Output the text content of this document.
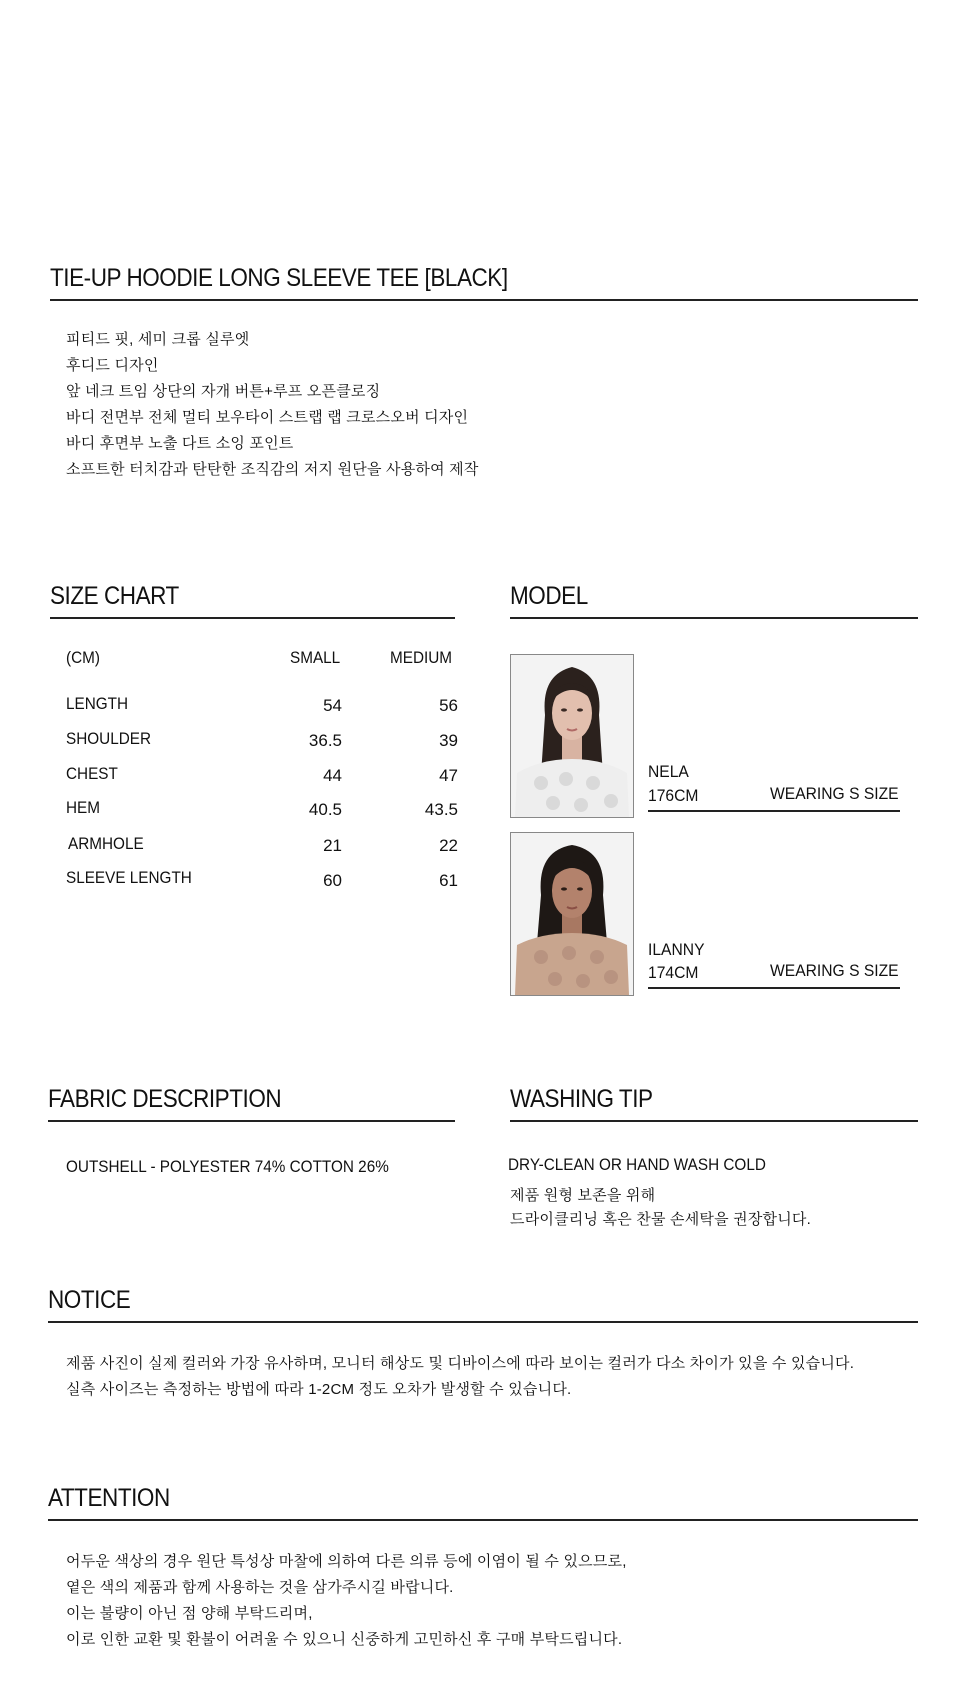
TIE-UP HOODIE LONG SLEEVE TEE [BLACK]
피티드 핏, 세미 크롭 실루엣
후디드 디자인
앞 네크 트임 상단의 자개 버튼+루프 오픈클로징
바디 전면부 전체 멀티 보우타이 스트랩 랩 크로스오버 디자인
바디 후면부 노출 다트 소잉 포인트
소프트한 터치감과 탄탄한 조직감의 저지 원단을 사용하여 제작
SIZE CHART
(CM)	SMALL	MEDIUM
LENGTH	54	56
SHOULDER	36.5	39
CHEST	44	47
HEM	40.5	43.5
ARMHOLE	21	22
SLEEVE LENGTH	60	61
MODEL
NELA
176CM	WEARING S SIZE
ILANNY
174CM	WEARING S SIZE
FABRIC DESCRIPTION
OUTSHELL - POLYESTER 74% COTTON 26%
WASHING TIP
DRY-CLEAN OR HAND WASH COLD
제품 원형 보존을 위해
드라이클리닝 혹은 찬물 손세탁을 권장합니다.
NOTICE
제품 사진이 실제 컬러와 가장 유사하며, 모니터 해상도 및 디바이스에 따라 보이는 컬러가 다소 차이가 있을 수 있습니다.
실측 사이즈는 측정하는 방법에 따라 1-2CM 정도 오차가 발생할 수 있습니다.
ATTENTION
어두운 색상의 경우 원단 특성상 마찰에 의하여 다른 의류 등에 이염이 될 수 있으므로,
옅은 색의 제품과 함께 사용하는 것을 삼가주시길 바랍니다.
이는 불량이 아닌 점 양해 부탁드리며,
이로 인한 교환 및 환불이 어려울 수 있으니 신중하게 고민하신 후 구매 부탁드립니다.
